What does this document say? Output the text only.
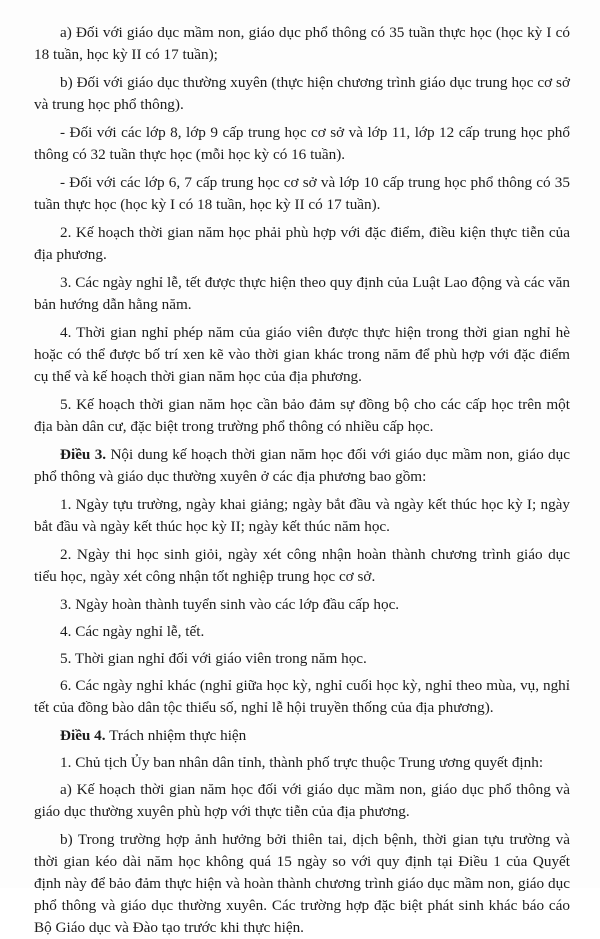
a) Đối với giáo dục mầm non, giáo dục phổ thông có 35 tuần thực học (học kỳ I có 18 tuần, học kỳ II có 17 tuần);

b) Đối với giáo dục thường xuyên (thực hiện chương trình giáo dục trung học cơ sở và trung học phổ thông).

- Đối với các lớp 8, lớp 9 cấp trung học cơ sở và lớp 11, lớp 12 cấp trung học phổ thông có 32 tuần thực học (mỗi học kỳ có 16 tuần).

- Đối với các lớp 6, 7 cấp trung học cơ sở và lớp 10 cấp trung học phổ thông có 35 tuần thực học (học kỳ I có 18 tuần, học kỳ II có 17 tuần).

2. Kế hoạch thời gian năm học phải phù hợp với đặc điểm, điều kiện thực tiễn của địa phương.

3. Các ngày nghỉ lễ, tết được thực hiện theo quy định của Luật Lao động và các văn bản hướng dẫn hằng năm.

4. Thời gian nghỉ phép năm của giáo viên được thực hiện trong thời gian nghỉ hè hoặc có thể được bố trí xen kẽ vào thời gian khác trong năm để phù hợp với đặc điểm cụ thể và kế hoạch thời gian năm học của địa phương.

5. Kế hoạch thời gian năm học cần bảo đảm sự đồng bộ cho các cấp học trên một địa bàn dân cư, đặc biệt trong trường phổ thông có nhiều cấp học.

Điều 3. Nội dung kế hoạch thời gian năm học đối với giáo dục mầm non, giáo dục phổ thông và giáo dục thường xuyên ở các địa phương bao gồm:

1. Ngày tựu trường, ngày khai giảng; ngày bắt đầu và ngày kết thúc học kỳ I; ngày bắt đầu và ngày kết thúc học kỳ II; ngày kết thúc năm học.

2. Ngày thi học sinh giỏi, ngày xét công nhận hoàn thành chương trình giáo dục tiểu học, ngày xét công nhận tốt nghiệp trung học cơ sở.

3. Ngày hoàn thành tuyển sinh vào các lớp đầu cấp học.

4. Các ngày nghỉ lễ, tết.

5. Thời gian nghỉ đối với giáo viên trong năm học.

6. Các ngày nghỉ khác (nghỉ giữa học kỳ, nghỉ cuối học kỳ, nghỉ theo mùa, vụ, nghỉ tết của đồng bào dân tộc thiểu số, nghỉ lễ hội truyền thống của địa phương).

Điều 4. Trách nhiệm thực hiện

1. Chủ tịch Ủy ban nhân dân tỉnh, thành phố trực thuộc Trung ương quyết định:

a) Kế hoạch thời gian năm học đối với giáo dục mầm non, giáo dục phổ thông và giáo dục thường xuyên phù hợp với thực tiễn của địa phương.

b) Trong trường hợp ảnh hưởng bởi thiên tai, dịch bệnh, thời gian tựu trường và thời gian kéo dài năm học không quá 15 ngày so với quy định tại Điều 1 của Quyết định này để bảo đảm thực hiện và hoàn thành chương trình giáo dục mầm non, giáo dục phổ thông và giáo dục thường xuyên. Các trường hợp đặc biệt phát sinh khác báo cáo Bộ Giáo dục và Đào tạo trước khi thực hiện.
